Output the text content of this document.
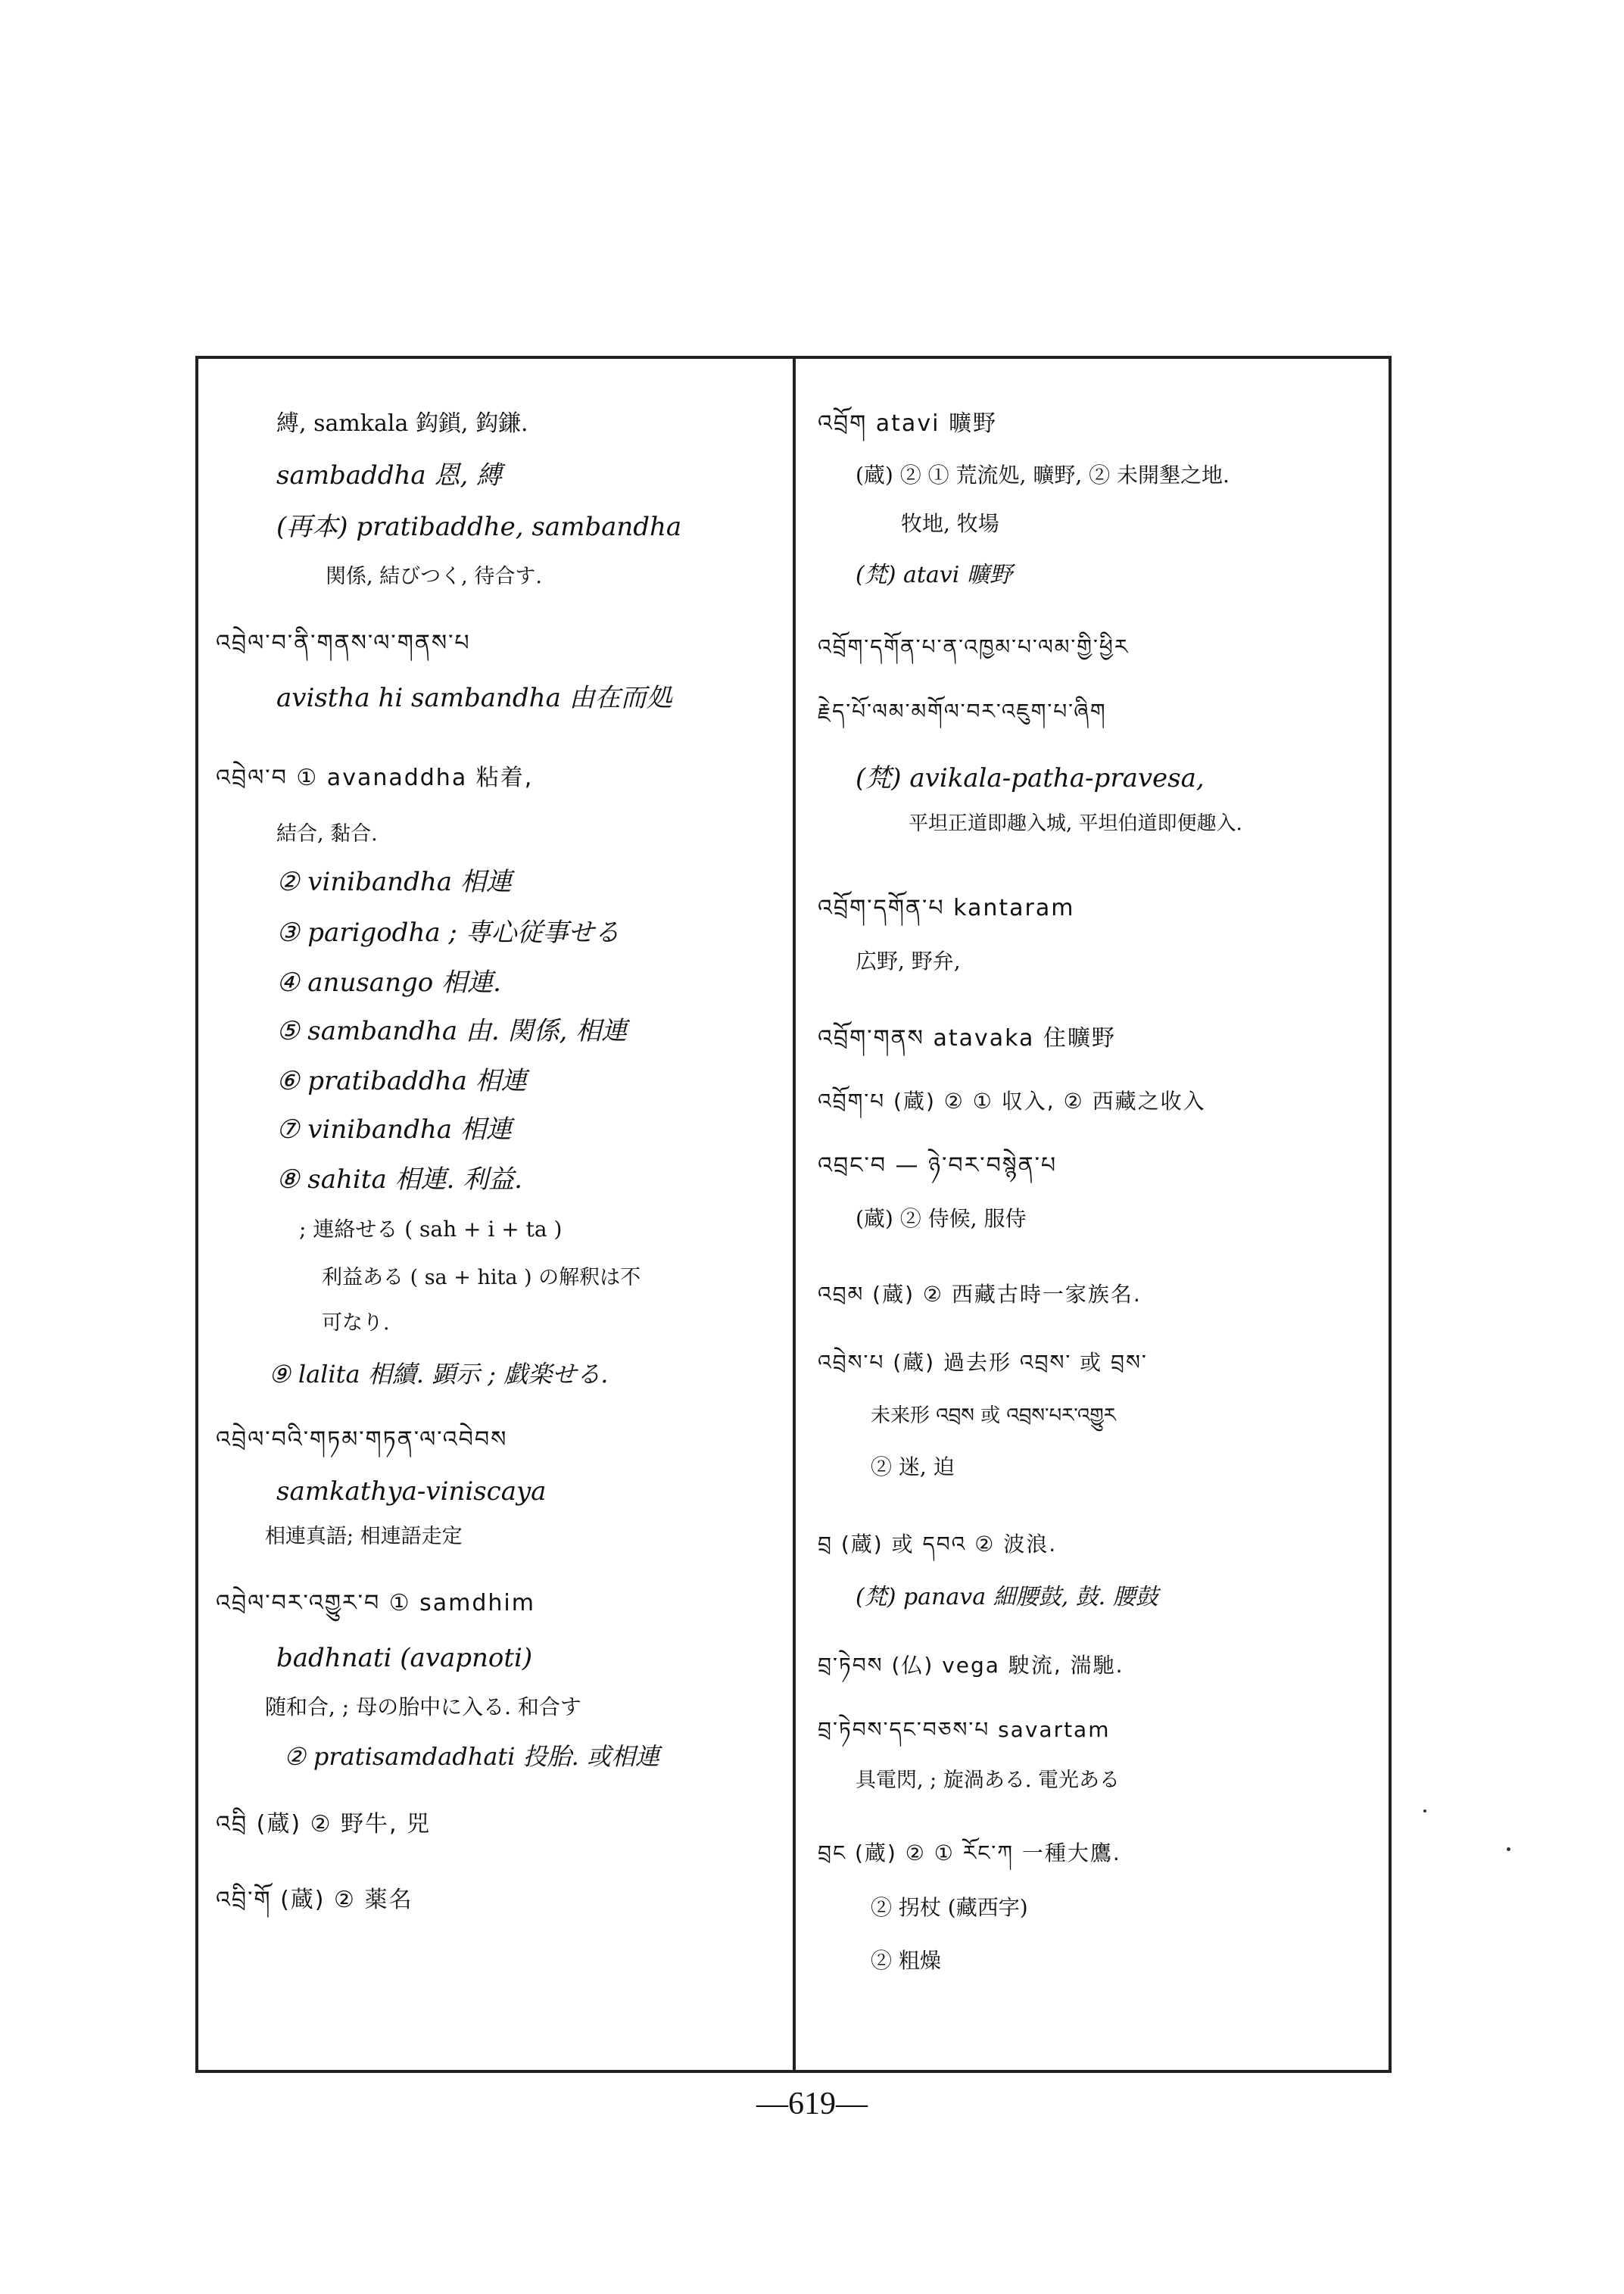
縛, samkala 鈎鎖, 鈎鎌.
sambaddha 恩, 縛
(再本) pratibaddhe, sambandha
関係, 結びつく, 待合す.
འབྲེལ་བ་ནི་གནས་ལ་གནས་པ
avistha hi sambandha 由在而処
འབྲེལ་བ ① avanaddha 粘着,
結合, 黏合.
② vinibandha 相連
③ parigodha ; 専心従事せる
④ anusango 相連.
⑤ sambandha 由. 関係, 相連
⑥ pratibaddha 相連
⑦ vinibandha 相連
⑧ sahita 相連. 利益.
; 連絡せる ( sah + i + ta )
利益ある ( sa + hita ) の解釈は不
可なり.
⑨ lalita 相續. 顕示 ; 戯楽せる.
འབྲེལ་བའི་གཏམ་གཏན་ལ་འབེབས
samkathya-viniscaya
相連真語; 相連語走定
འབྲེལ་བར་འགྱུར་བ ① samdhim
badhnati (avapnoti)
随和合, ; 母の胎中に入る. 和合す
② pratisamdadhati 投胎. 或相連
འབྲི (蔵) ② 野牛, 兕
འབྲི་གོ (蔵) ② 薬名
འབྲོག atavi 曠野
(蔵) ② ① 荒流処, 曠野, ② 未開墾之地.
牧地, 牧場
(梵) atavi 曠野
འབྲོག་དགོན་པ་ན་འཁྱམ་པ་ལམ་གྱི་ཕྱིར
རྗེད་པོ་ལམ་མགོལ་བར་འཇུག་པ་ཞིག
(梵) avikala-patha-pravesa,
平坦正道即趣入城, 平坦伯道即便趣入.
འབྲོག་དགོན་པ kantaram
広野, 野弁,
འབྲོག་གནས atavaka 住曠野
འབྲོག་པ (蔵) ② ① 収入, ② 西藏之收入
འབྲང་བ — ཉེ་བར་བསྙེན་པ
(蔵) ② 侍候, 服侍
འབྲམ (蔵) ② 西藏古時一家族名.
འབྲེས་པ (蔵) 過去形 འབྲས་ 或 བྲས་
未来形 འབྲས 或 འབྲས་པར་འགྱུར
② 迷, 迫
བྲ (蔵) 或 དབའ ② 波浪.
(梵) panava 細腰鼓, 鼓. 腰鼓
བྲ་ཏེབས (仏) vega 駛流, 湍馳.
བྲ་ཏེབས་དང་བཅས་པ savartam
具電閃, ; 旋渦ある. 電光ある
བྲང (蔵) ② ① རོང་ཀ 一種大鷹.
② 拐杖 (藏西字)
② 粗燥
—619—
